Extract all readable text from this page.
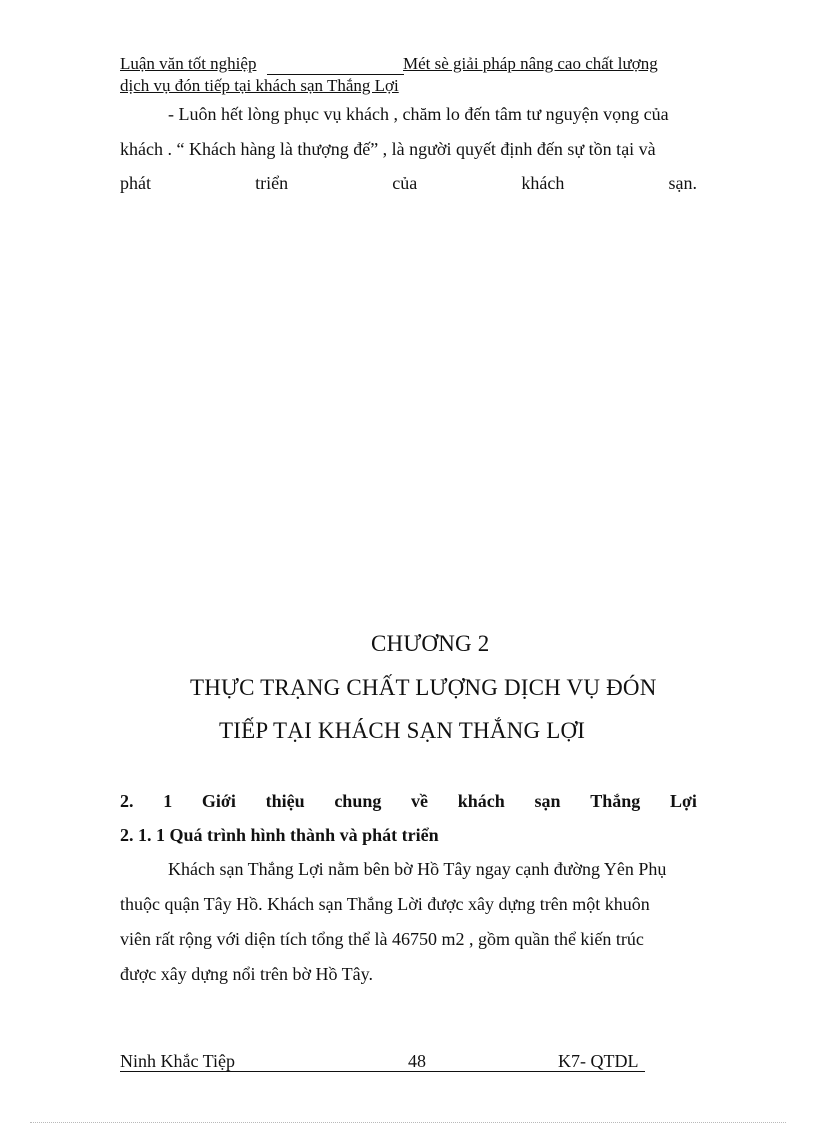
Luận văn tốt nghiệp	Mét sè giải pháp nâng cao chất lượng
dịch vụ đón tiếp tại khách sạn Thắng Lợi
- Luôn hết lòng phục vụ khách , chăm lo đến tâm tư nguyện vọng của
khách . “ Khách hàng là thượng đế” , là người quyết định đến sự tồn tại và
phát	triển	của	khách	sạn.
CHƯƠNG 2
THỰC TRẠNG CHẤT LƯỢNG DỊCH VỤ ĐÓN
TIẾP TẠI KHÁCH SẠN THẮNG LỢI
2. 1 Giới thiệu chung về khách sạn Thắng Lợi
2. 1. 1 Quá trình hình thành và phát triển
Khách sạn Thắng Lợi nằm bên bờ Hồ Tây ngay cạnh đường Yên Phụ
thuộc quận Tây Hồ. Khách sạn Thắng Lời được xây dựng trên một khuôn
viên rất rộng với diện tích tổng thể là 46750 m2 , gồm quần thể kiến trúc
được xây dựng nổi trên bờ Hồ Tây.
Ninh Khắc Tiệp	48	K7- QTDL
